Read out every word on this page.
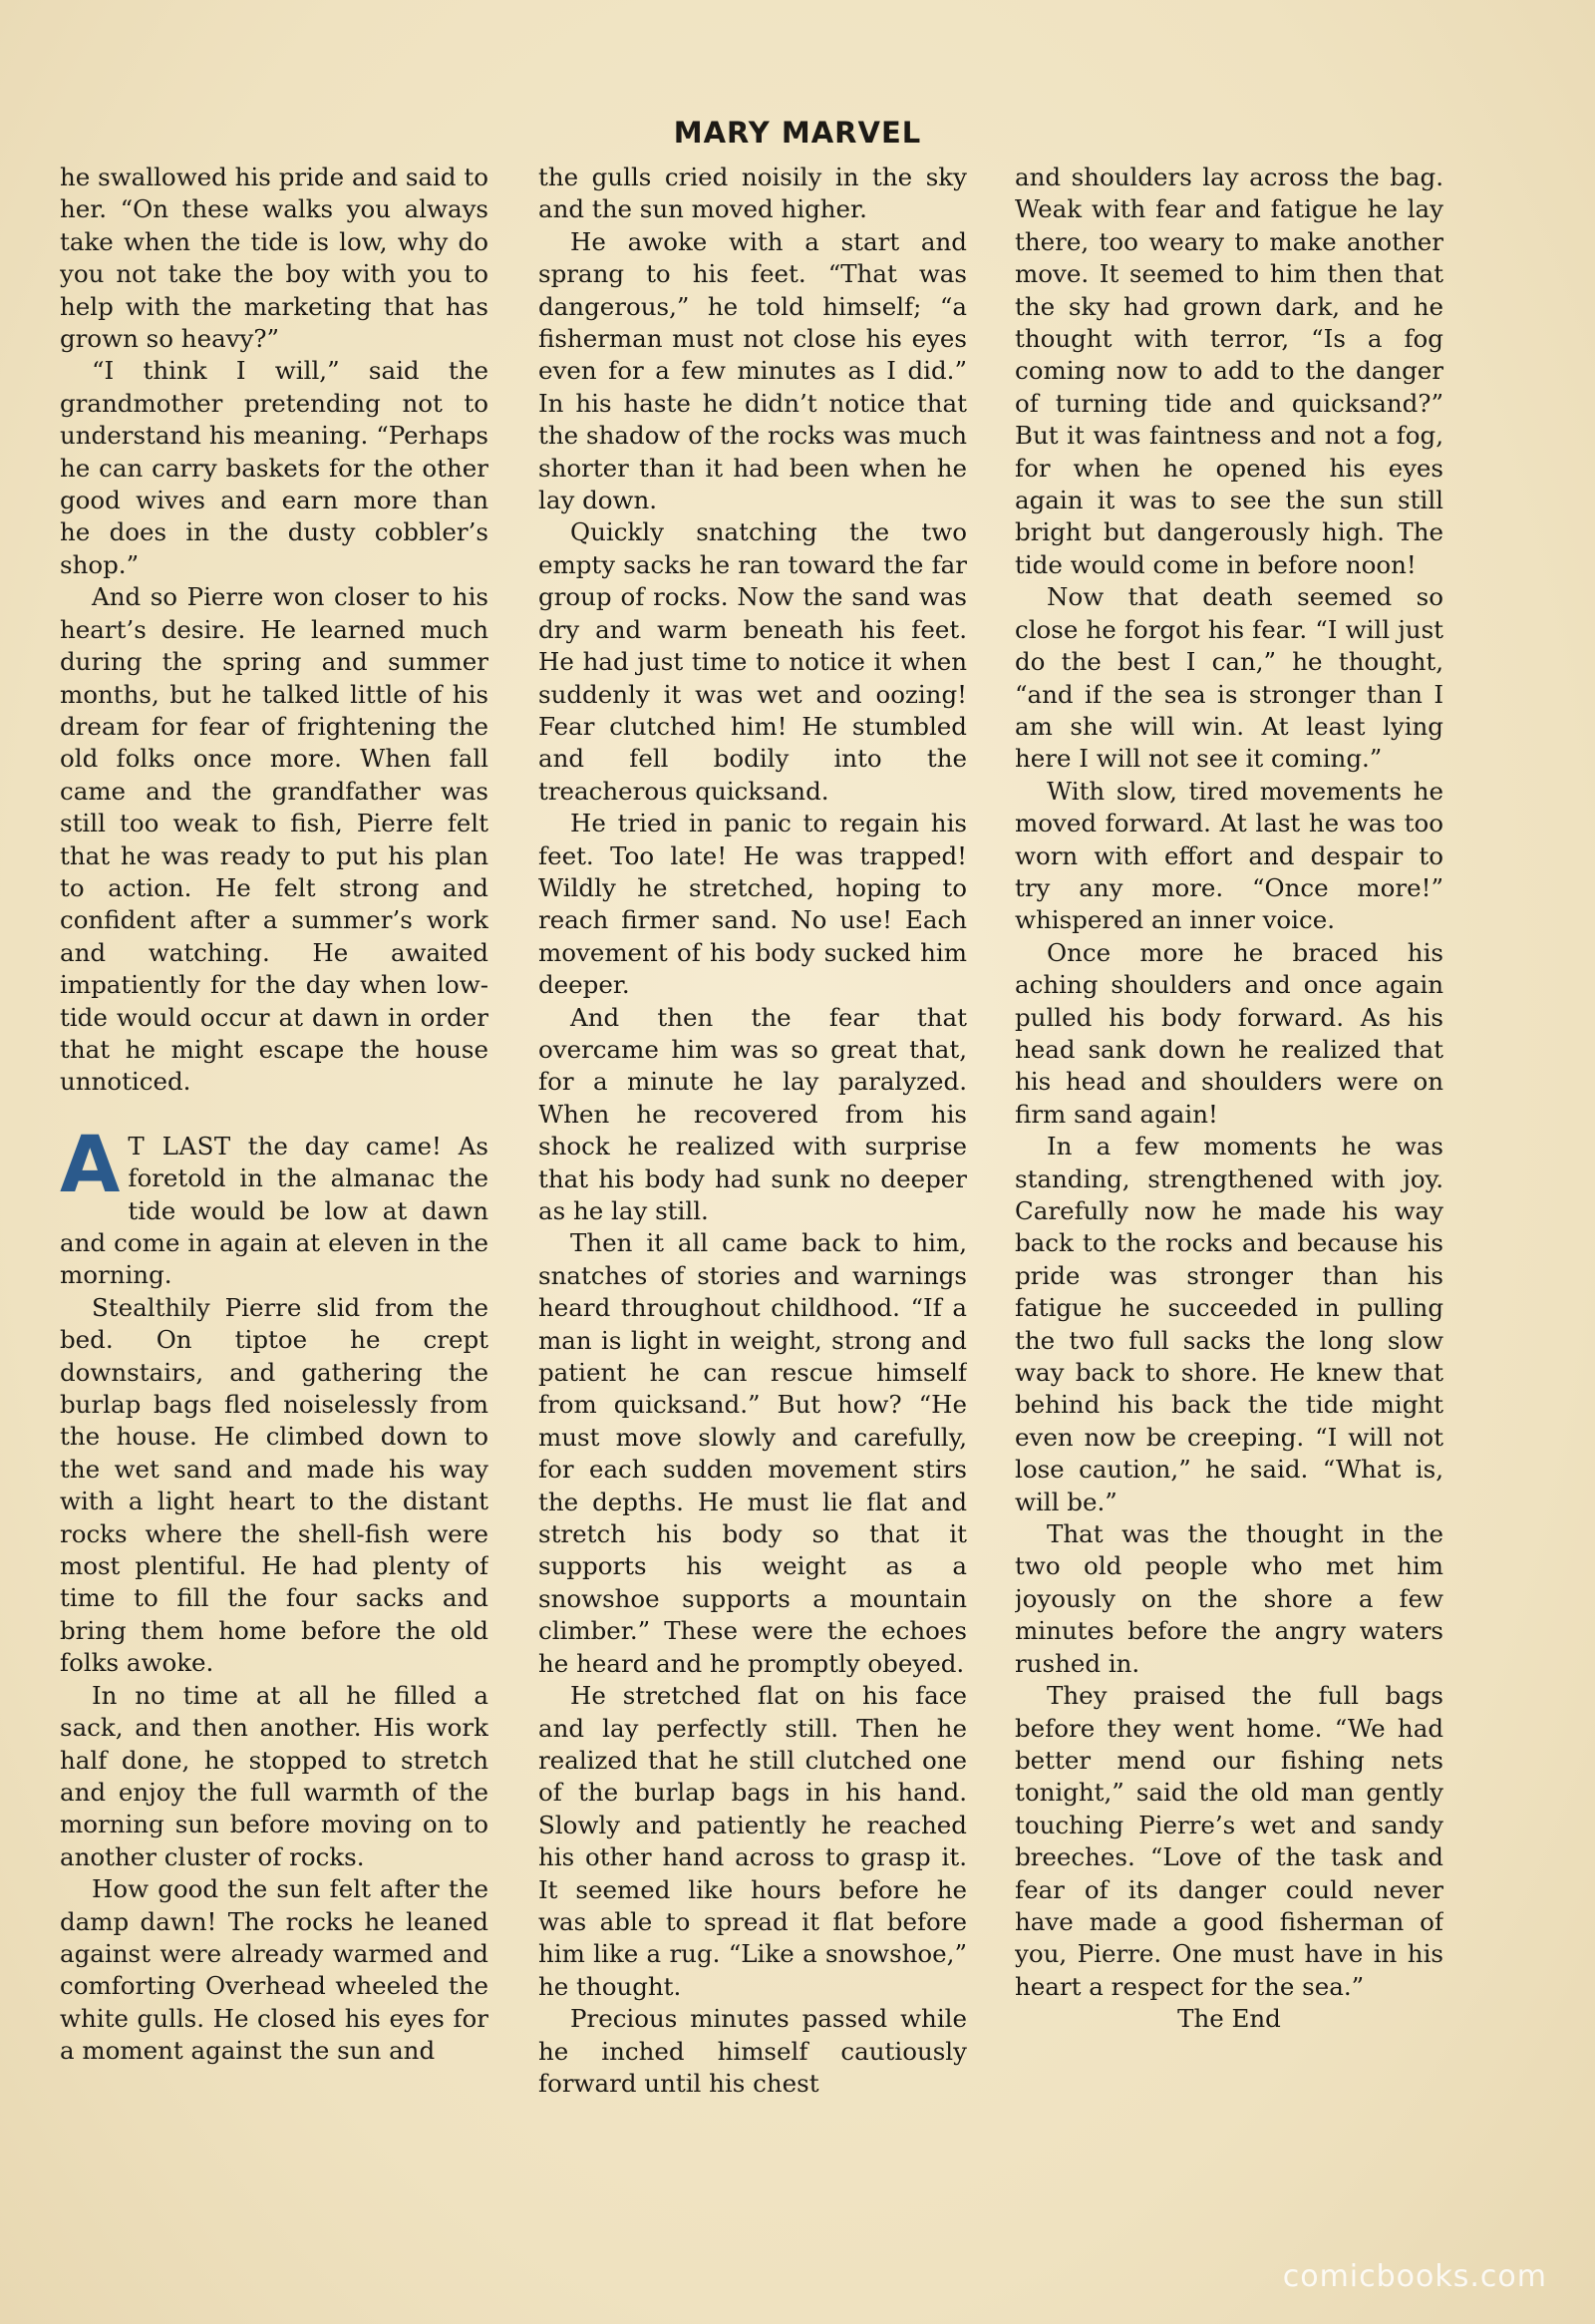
MARY MARVEL

he swallowed his pride and said to her. “On these walks you always take when the tide is low, why do you not take the boy with you to help with the marketing that has grown so heavy?”

“I think I will,” said the grandmother pretending not to understand his meaning. “Perhaps he can carry baskets for the other good wives and earn more than he does in the dusty cobbler’s shop.”

And so Pierre won closer to his heart’s desire. He learned much during the spring and summer months, but he talked little of his dream for fear of frightening the old folks once more. When fall came and the grandfather was still too weak to fish, Pierre felt that he was ready to put his plan to action. He felt strong and confident after a summer’s work and watching. He awaited impatiently for the day when low-tide would occur at dawn in order that he might escape the house unnoticed.

A T LAST the day came! As foretold in the almanac the tide would be low at dawn and come in again at eleven in the morning.

Stealthily Pierre slid from the bed. On tiptoe he crept downstairs, and gathering the burlap bags fled noiselessly from the house. He climbed down to the wet sand and made his way with a light heart to the distant rocks where the shell-fish were most plentiful. He had plenty of time to fill the four sacks and bring them home before the old folks awoke.

In no time at all he filled a sack, and then another. His work half done, he stopped to stretch and enjoy the full warmth of the morning sun before moving on to another cluster of rocks.

How good the sun felt after the damp dawn! The rocks he leaned against were already warmed and comforting Overhead wheeled the white gulls. He closed his eyes for a moment against the sun and

the gulls cried noisily in the sky and the sun moved higher.

He awoke with a start and sprang to his feet. “That was dangerous,” he told himself; “a fisherman must not close his eyes even for a few minutes as I did.” In his haste he didn’t notice that the shadow of the rocks was much shorter than it had been when he lay down.

Quickly snatching the two empty sacks he ran toward the far group of rocks. Now the sand was dry and warm beneath his feet. He had just time to notice it when suddenly it was wet and oozing! Fear clutched him! He stumbled and fell bodily into the treacherous quicksand.

He tried in panic to regain his feet. Too late! He was trapped! Wildly he stretched, hoping to reach firmer sand. No use! Each movement of his body sucked him deeper.

And then the fear that overcame him was so great that, for a minute he lay paralyzed. When he recovered from his shock he realized with surprise that his body had sunk no deeper as he lay still.

Then it all came back to him, snatches of stories and warnings heard throughout childhood. “If a man is light in weight, strong and patient he can rescue himself from quicksand.” But how? “He must move slowly and carefully, for each sudden movement stirs the depths. He must lie flat and stretch his body so that it supports his weight as a snowshoe supports a mountain climber.” These were the echoes he heard and he promptly obeyed.

He stretched flat on his face and lay perfectly still. Then he realized that he still clutched one of the burlap bags in his hand. Slowly and patiently he reached his other hand across to grasp it. It seemed like hours before he was able to spread it flat before him like a rug. “Like a snowshoe,” he thought.

Precious minutes passed while he inched himself cautiously forward until his chest

and shoulders lay across the bag. Weak with fear and fatigue he lay there, too weary to make another move. It seemed to him then that the sky had grown dark, and he thought with terror, “Is a fog coming now to add to the danger of turning tide and quicksand?” But it was faintness and not a fog, for when he opened his eyes again it was to see the sun still bright but dangerously high. The tide would come in before noon!

Now that death seemed so close he forgot his fear. “I will just do the best I can,” he thought, “and if the sea is stronger than I am she will win. At least lying here I will not see it coming.”

With slow, tired movements he moved forward. At last he was too worn with effort and despair to try any more. “Once more!” whispered an inner voice.

Once more he braced his aching shoulders and once again pulled his body forward. As his head sank down he realized that his head and shoulders were on firm sand again!

In a few moments he was standing, strengthened with joy. Carefully now he made his way back to the rocks and because his pride was stronger than his fatigue he succeeded in pulling the two full sacks the long slow way back to shore. He knew that behind his back the tide might even now be creeping. “I will not lose caution,” he said. “What is, will be.”

That was the thought in the two old people who met him joyously on the shore a few minutes before the angry waters rushed in.

They praised the full bags before they went home. “We had better mend our fishing nets tonight,” said the old man gently touching Pierre’s wet and sandy breeches. “Love of the task and fear of its danger could never have made a good fisherman of you, Pierre. One must have in his heart a respect for the sea.”

The End

comicbooks.com
